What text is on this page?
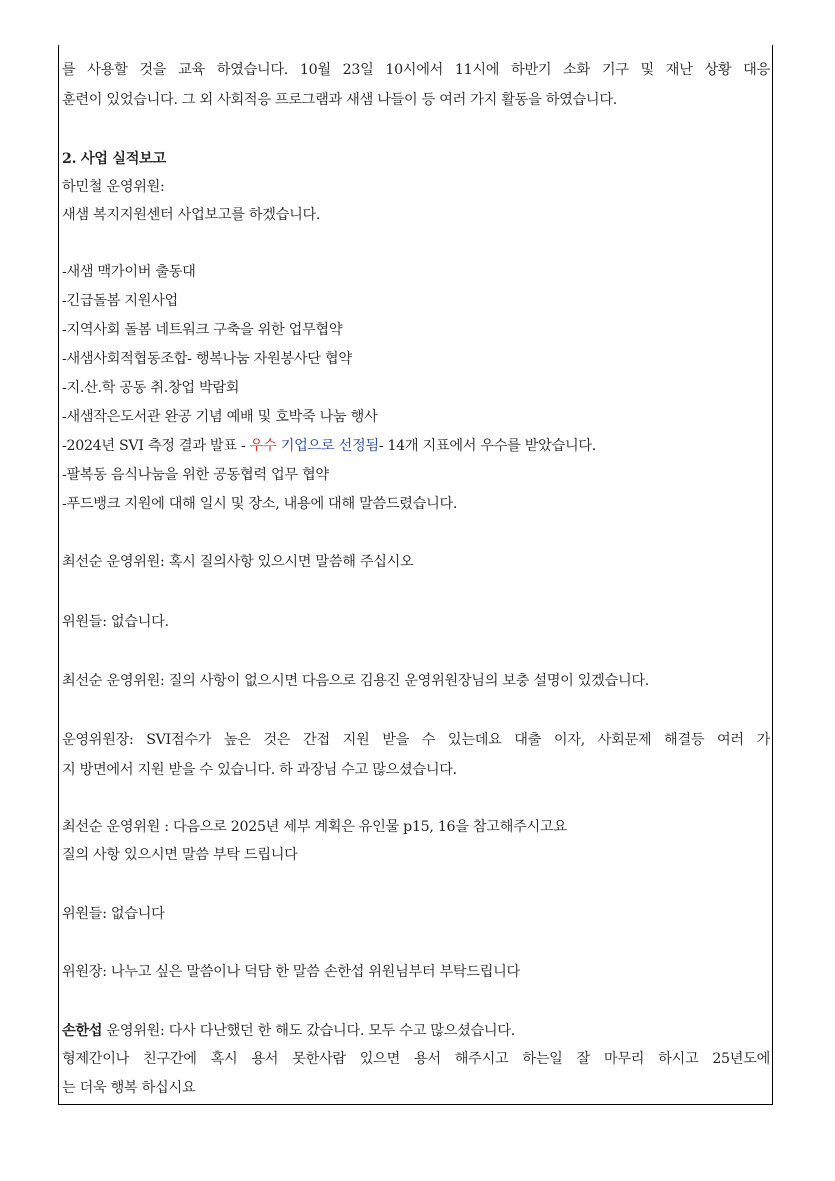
를 사용할 것을 교육 하였습니다. 10월 23일 10시에서 11시에 하반기 소화 기구 및 재난 상황 대응
훈련이 있었습니다. 그 외 사회적응 프로그램과 새샘 나들이 등 여러 가지 활동을 하였습니다.
2. 사업 실적보고
하민철 운영위원:
새샘 복지지원센터 사업보고를 하겠습니다.
-새샘 맥가이버 출동대
-긴급돌봄 지원사업
-지역사회 돌봄 네트워크 구축을 위한 업무협약
-새샘사회적협동조합- 행복나눔 자원봉사단 협약
-지.산.학 공동 취.창업 박람회
-새샘작은도서관 완공 기념 예배 및 호박죽 나눔 행사
-2024년 SVI 측정 결과 발표 - 우수 기업으로 선정됨- 14개 지표에서 우수를 받았습니다.
-팔복동 음식나눔을 위한 공동협력 업무 협약
-푸드뱅크 지원에 대해 일시 및 장소, 내용에 대해 말씀드렸습니다.
최선순 운영위원: 혹시 질의사항 있으시면 말씀해 주십시오
위원들: 없습니다.
최선순 운영위원: 질의 사항이 없으시면 다음으로 김용진 운영위원장님의 보충 설명이 있겠습니다.
운영위원장: SVI점수가 높은 것은 간접 지원 받을 수 있는데요 대출 이자, 사회문제 해결등 여러 가
지 방면에서 지원 받을 수 있습니다. 하 과장님 수고 많으셨습니다.
최선순 운영위원 : 다음으로 2025년 세부 계획은 유인물 p15, 16을 참고해주시고요
질의 사항 있으시면 말씀 부탁 드립니다
위원들: 없습니다
위원장: 나누고 싶은 말씀이나 덕담 한 말씀 손한섭 위원님부터 부탁드립니다
손한섭 운영위원: 다사 다난했던 한 해도 갔습니다. 모두 수고 많으셨습니다.
형제간이나 친구간에 혹시 용서 못한사람 있으면 용서 해주시고 하는일 잘 마무리 하시고 25년도에
는 더욱 행복 하십시요
